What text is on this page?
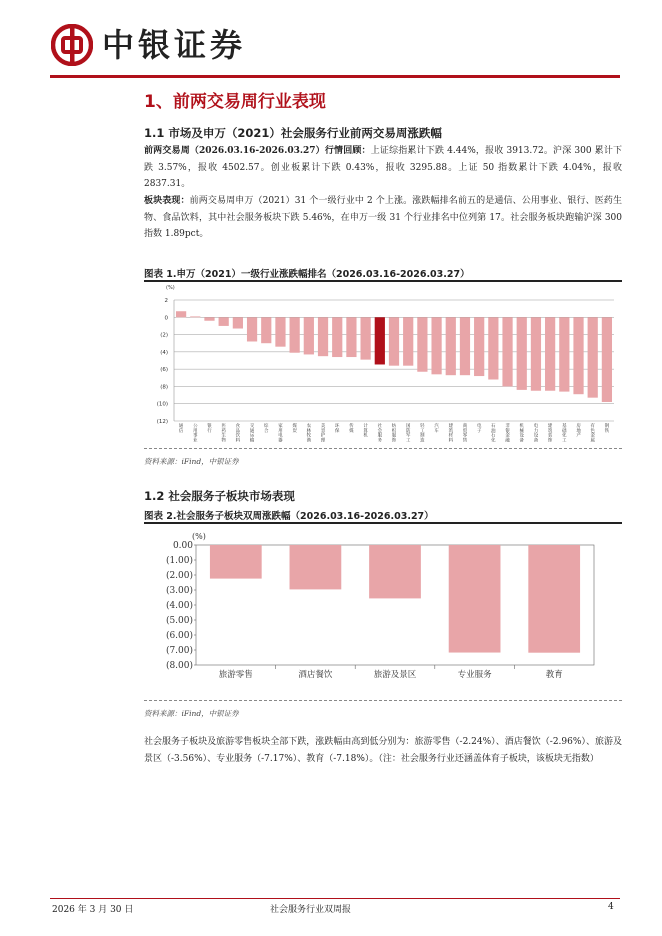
中银证券
1、前两交易周行业表现
1.1 市场及申万（2021）社会服务行业前两交易周涨跌幅
前两交易周（2026.03.16-2026.03.27）行情回顾：上证综指累计下跌 4.44%，报收 3913.72。沪深 300 累计下跌 3.57%，报收 4502.57。创业板累计下跌 0.43%，报收 3295.88。上证 50 指数累计下跌 4.04%，报收 2837.31。
板块表现：前两交易周申万（2021）31 个一级行业中 2 个上涨。涨跌幅排名前五的是通信、公用事业、银行、医药生物、食品饮料，其中社会服务板块下跌 5.46%，在申万一级 31 个行业排名中位列第 17。社会服务板块跑输沪深 300 指数 1.89pct。
图表 1.申万（2021）一级行业涨跌幅排名（2026.03.16-2026.03.27）
(%)
2
0
(2)
(4)
(6)
(8)
(10)
(12)
通信
公用事业
银行
医药生物
食品饮料
交通运输
综合
家用电器
煤炭
农林牧渔
美容护理
环保
传媒
计算机
社会服务
纺织服饰
国防军工
轻工制造
汽车
建筑材料
商贸零售
电子
石油石化
非银金融
机械设备
电力设备
建筑装饰
基础化工
房地产
有色金属
钢铁
资料来源：iFind，中银证券
1.2 社会服务子板块市场表现
图表 2.社会服务子板块双周涨跌幅（2026.03.16-2026.03.27）
(%)
0.00
(1.00)
(2.00)
(3.00)
(4.00)
(5.00)
(6.00)
(7.00)
(8.00)
旅游零售	酒店餐饮	旅游及景区	专业服务	教育
资料来源：iFind，中银证券
社会服务子板块及旅游零售板块全部下跌，涨跌幅由高到低分别为：旅游零售（-2.24%）、酒店餐饮（-2.96%）、旅游及景区（-3.56%）、专业服务（-7.17%）、教育（-7.18%）。（注：社会服务行业还涵盖体育子板块，该板块无指数）
2026 年 3 月 30 日	社会服务行业双周报	4
